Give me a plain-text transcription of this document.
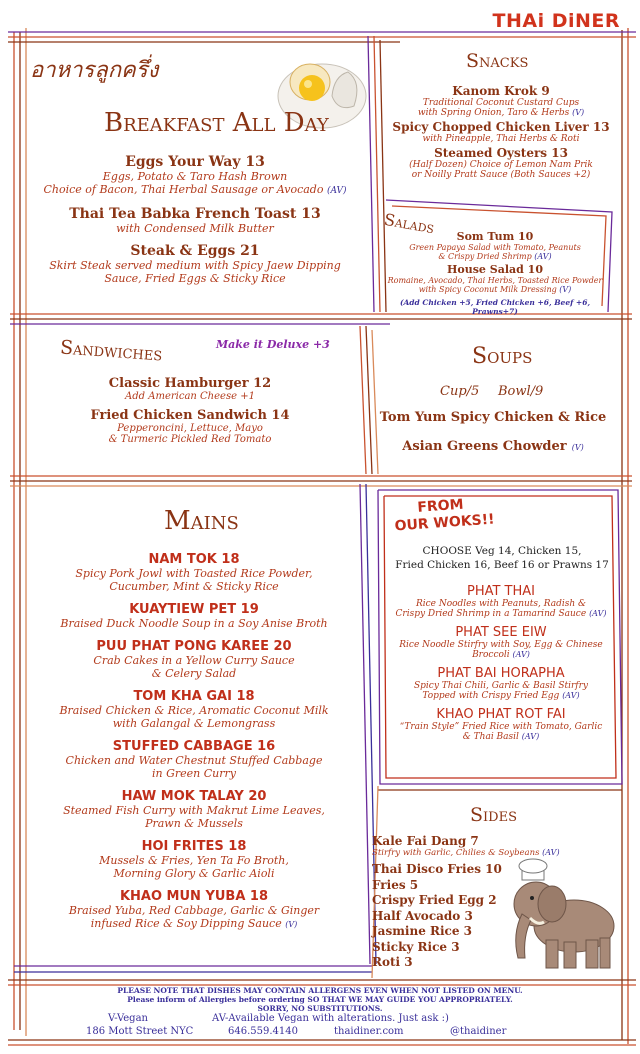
THAi DiNER
อาหารลูกครึ่ง
Breakfast All Day
Eggs Your Way 13
Eggs, Potato & Taro Hash Brown
Choice of Bacon, Thai Herbal Sausage or Avocado (AV)
Thai Tea Babka French Toast 13
with Condensed Milk Butter
Steak & Eggs 21
Skirt Steak served medium with Spicy Jaew Dipping
Sauce, Fried Eggs & Sticky Rice
Snacks
Kanom Krok 9
Traditional Coconut Custard Cups
with Spring Onion, Taro & Herbs (V)
Spicy Chopped Chicken Liver 13
with Pineapple, Thai Herbs & Roti
Steamed Oysters 13
(Half Dozen) Choice of Lemon Nam Prik
or Noilly Pratt Sauce (Both Sauces +2)
Salads	Som Tum 10
Green Papaya Salad with Tomato, Peanuts
& Crispy Dried Shrimp (AV)
House Salad 10
Romaine, Avocado, Thai Herbs, Toasted Rice Powder
with Spicy Coconut Milk Dressing (V)
(Add Chicken +5, Fried Chicken +6, Beef +6, Prawns+7)
Sandwiches	Make it Deluxe +3
Classic Hamburger 12
Add American Cheese +1
Fried Chicken Sandwich 14
Pepperoncini, Lettuce, Mayo
& Turmeric Pickled Red Tomato
Soups
Cup/5 Bowl/9
Tom Yum Spicy Chicken & Rice
Asian Greens Chowder (V)
Mains
NAM TOK 18
Spicy Pork Jowl with Toasted Rice Powder,
Cucumber, Mint & Sticky Rice
KUAYTIEW PET 19
Braised Duck Noodle Soup in a Soy Anise Broth
PUU PHAT PONG KAREE 20
Crab Cakes in a Yellow Curry Sauce
& Celery Salad
TOM KHA GAI 18
Braised Chicken & Rice, Aromatic Coconut Milk
with Galangal & Lemongrass
STUFFED CABBAGE 16
Chicken and Water Chestnut Stuffed Cabbage
in Green Curry
HAW MOK TALAY 20
Steamed Fish Curry with Makrut Lime Leaves,
Prawn & Mussels
HOI FRITES 18
Mussels & Fries, Yen Ta Fo Broth,
Morning Glory & Garlic Aioli
KHAO MUN YUBA 18
Braised Yuba, Red Cabbage, Garlic & Ginger
infused Rice & Soy Dipping Sauce (V)
FROM
OUR WOKS!!
CHOOSE Veg 14, Chicken 15,
Fried Chicken 16, Beef 16 or Prawns 17
PHAT THAI
Rice Noodles with Peanuts, Radish &
Crispy Dried Shrimp in a Tamarind Sauce (AV)
PHAT SEE EIW
Rice Noodle Stirfry with Soy, Egg & Chinese
Broccoli (AV)
PHAT BAI HORAPHA
Spicy Thai Chili, Garlic & Basil Stirfry
Topped with Crispy Fried Egg (AV)
KHAO PHAT ROT FAI
“Train Style” Fried Rice with Tomato, Garlic
& Thai Basil (AV)
Sides
Kale Fai Dang 7
Stirfry with Garlic, Chilies & Soybeans (AV)
Thai Disco Fries 10
Fries 5
Crispy Fried Egg 2
Half Avocado 3
Jasmine Rice 3
Sticky Rice 3
Roti 3
PLEASE NOTE THAT DISHES MAY CONTAIN ALLERGENS EVEN WHEN NOT LISTED ON MENU.
Please inform of Allergies before ordering SO THAT WE MAY GUIDE YOU APPROPRIATELY.
SORRY, NO SUBSTITUTIONS.
V-Vegan	AV-Available Vegan with alterations. Just ask :)
186 Mott Street NYC	646.559.4140	thaidiner.com	@thaidiner
